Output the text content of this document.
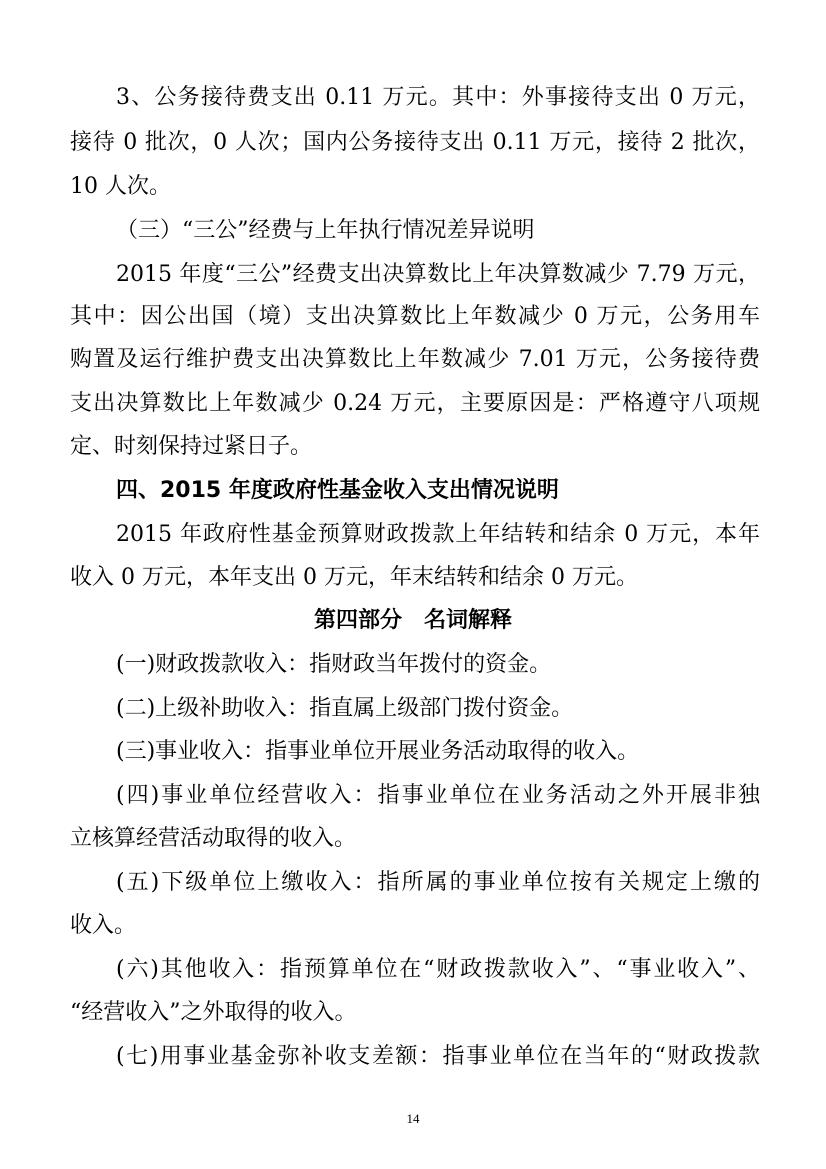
3、公务接待费支出 0.11 万元。其中：外事接待支出 0 万元，
接待 0 批次，0 人次；国内公务接待支出 0.11 万元，接待 2 批次，
10 人次。
（三）“三公”经费与上年执行情况差异说明
2015 年度“三公”经费支出决算数比上年决算数减少 7.79 万元，
其中：因公出国（境）支出决算数比上年数减少 0 万元，公务用车
购置及运行维护费支出决算数比上年数减少 7.01 万元，公务接待费
支出决算数比上年数减少 0.24 万元，主要原因是：严格遵守八项规
定、时刻保持过紧日子。
四、2015 年度政府性基金收入支出情况说明
2015 年政府性基金预算财政拨款上年结转和结余 0 万元，本年
收入 0 万元，本年支出 0 万元，年末结转和结余 0 万元。
第四部分　名词解释
(一)财政拨款收入：指财政当年拨付的资金。
(二)上级补助收入：指直属上级部门拨付资金。
(三)事业收入：指事业单位开展业务活动取得的收入。
(四)事业单位经营收入：指事业单位在业务活动之外开展非独
立核算经营活动取得的收入。
(五)下级单位上缴收入：指所属的事业单位按有关规定上缴的
收入。
(六)其他收入：指预算单位在“财政拨款收入”、“事业收入”、
“经营收入”之外取得的收入。
(七)用事业基金弥补收支差额：指事业单位在当年的“财政拨款
14
